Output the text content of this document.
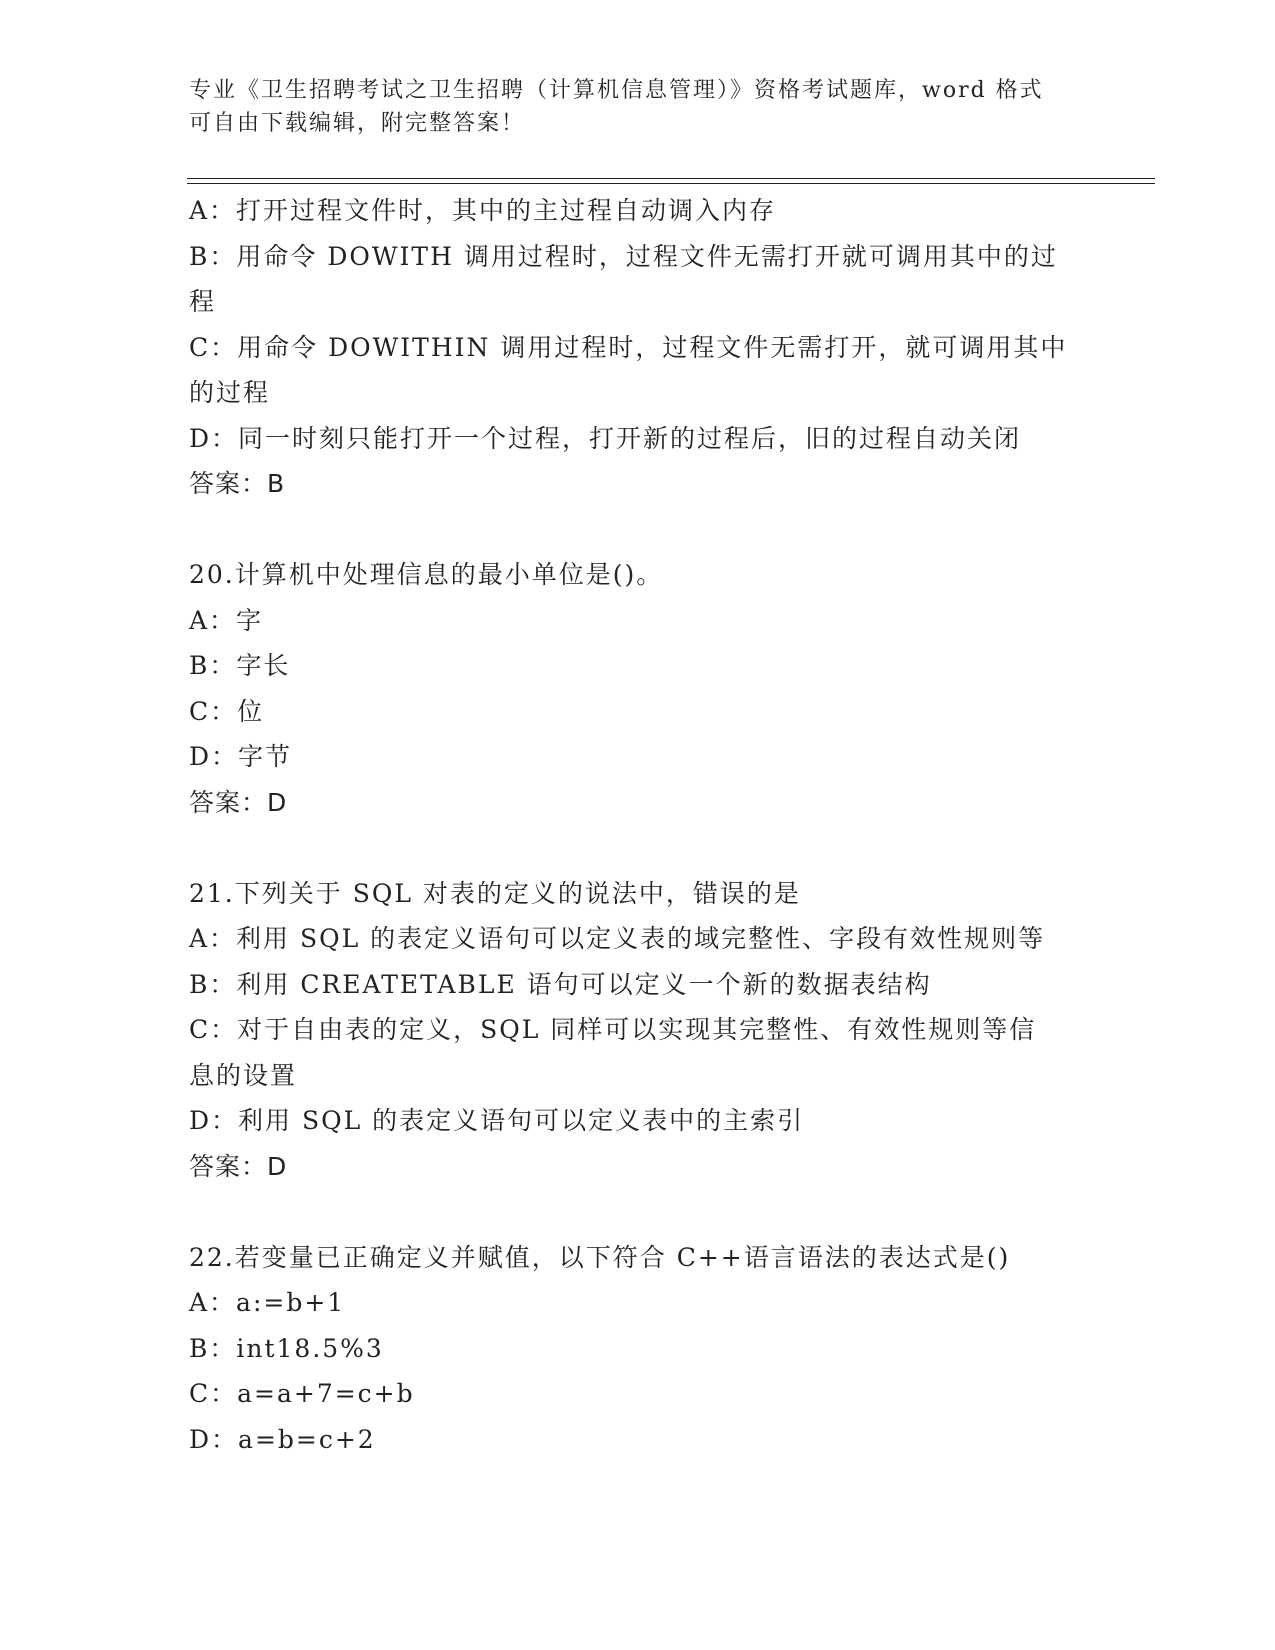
专业《卫生招聘考试之卫生招聘（计算机信息管理）》资格考试题库，word 格式
可自由下载编辑，附完整答案！
A：打开过程文件时，其中的主过程自动调入内存
B：用命令 DOWITH 调用过程时，过程文件无需打开就可调用其中的过
程
C：用命令 DOWITHIN 调用过程时，过程文件无需打开，就可调用其中
的过程
D：同一时刻只能打开一个过程，打开新的过程后，旧的过程自动关闭
答案：B
20.计算机中处理信息的最小单位是()。
A：字
B：字长
C：位
D：字节
答案：D
21.下列关于 SQL 对表的定义的说法中，错误的是
A：利用 SQL 的表定义语句可以定义表的域完整性、字段有效性规则等
B：利用 CREATETABLE 语句可以定义一个新的数据表结构
C：对于自由表的定义，SQL 同样可以实现其完整性、有效性规则等信
息的设置
D：利用 SQL 的表定义语句可以定义表中的主索引
答案：D
22.若变量已正确定义并赋值，以下符合 C++语言语法的表达式是()
A：a:=b+1
B：int18.5%3
C：a=a+7=c+b
D：a=b=c+2
